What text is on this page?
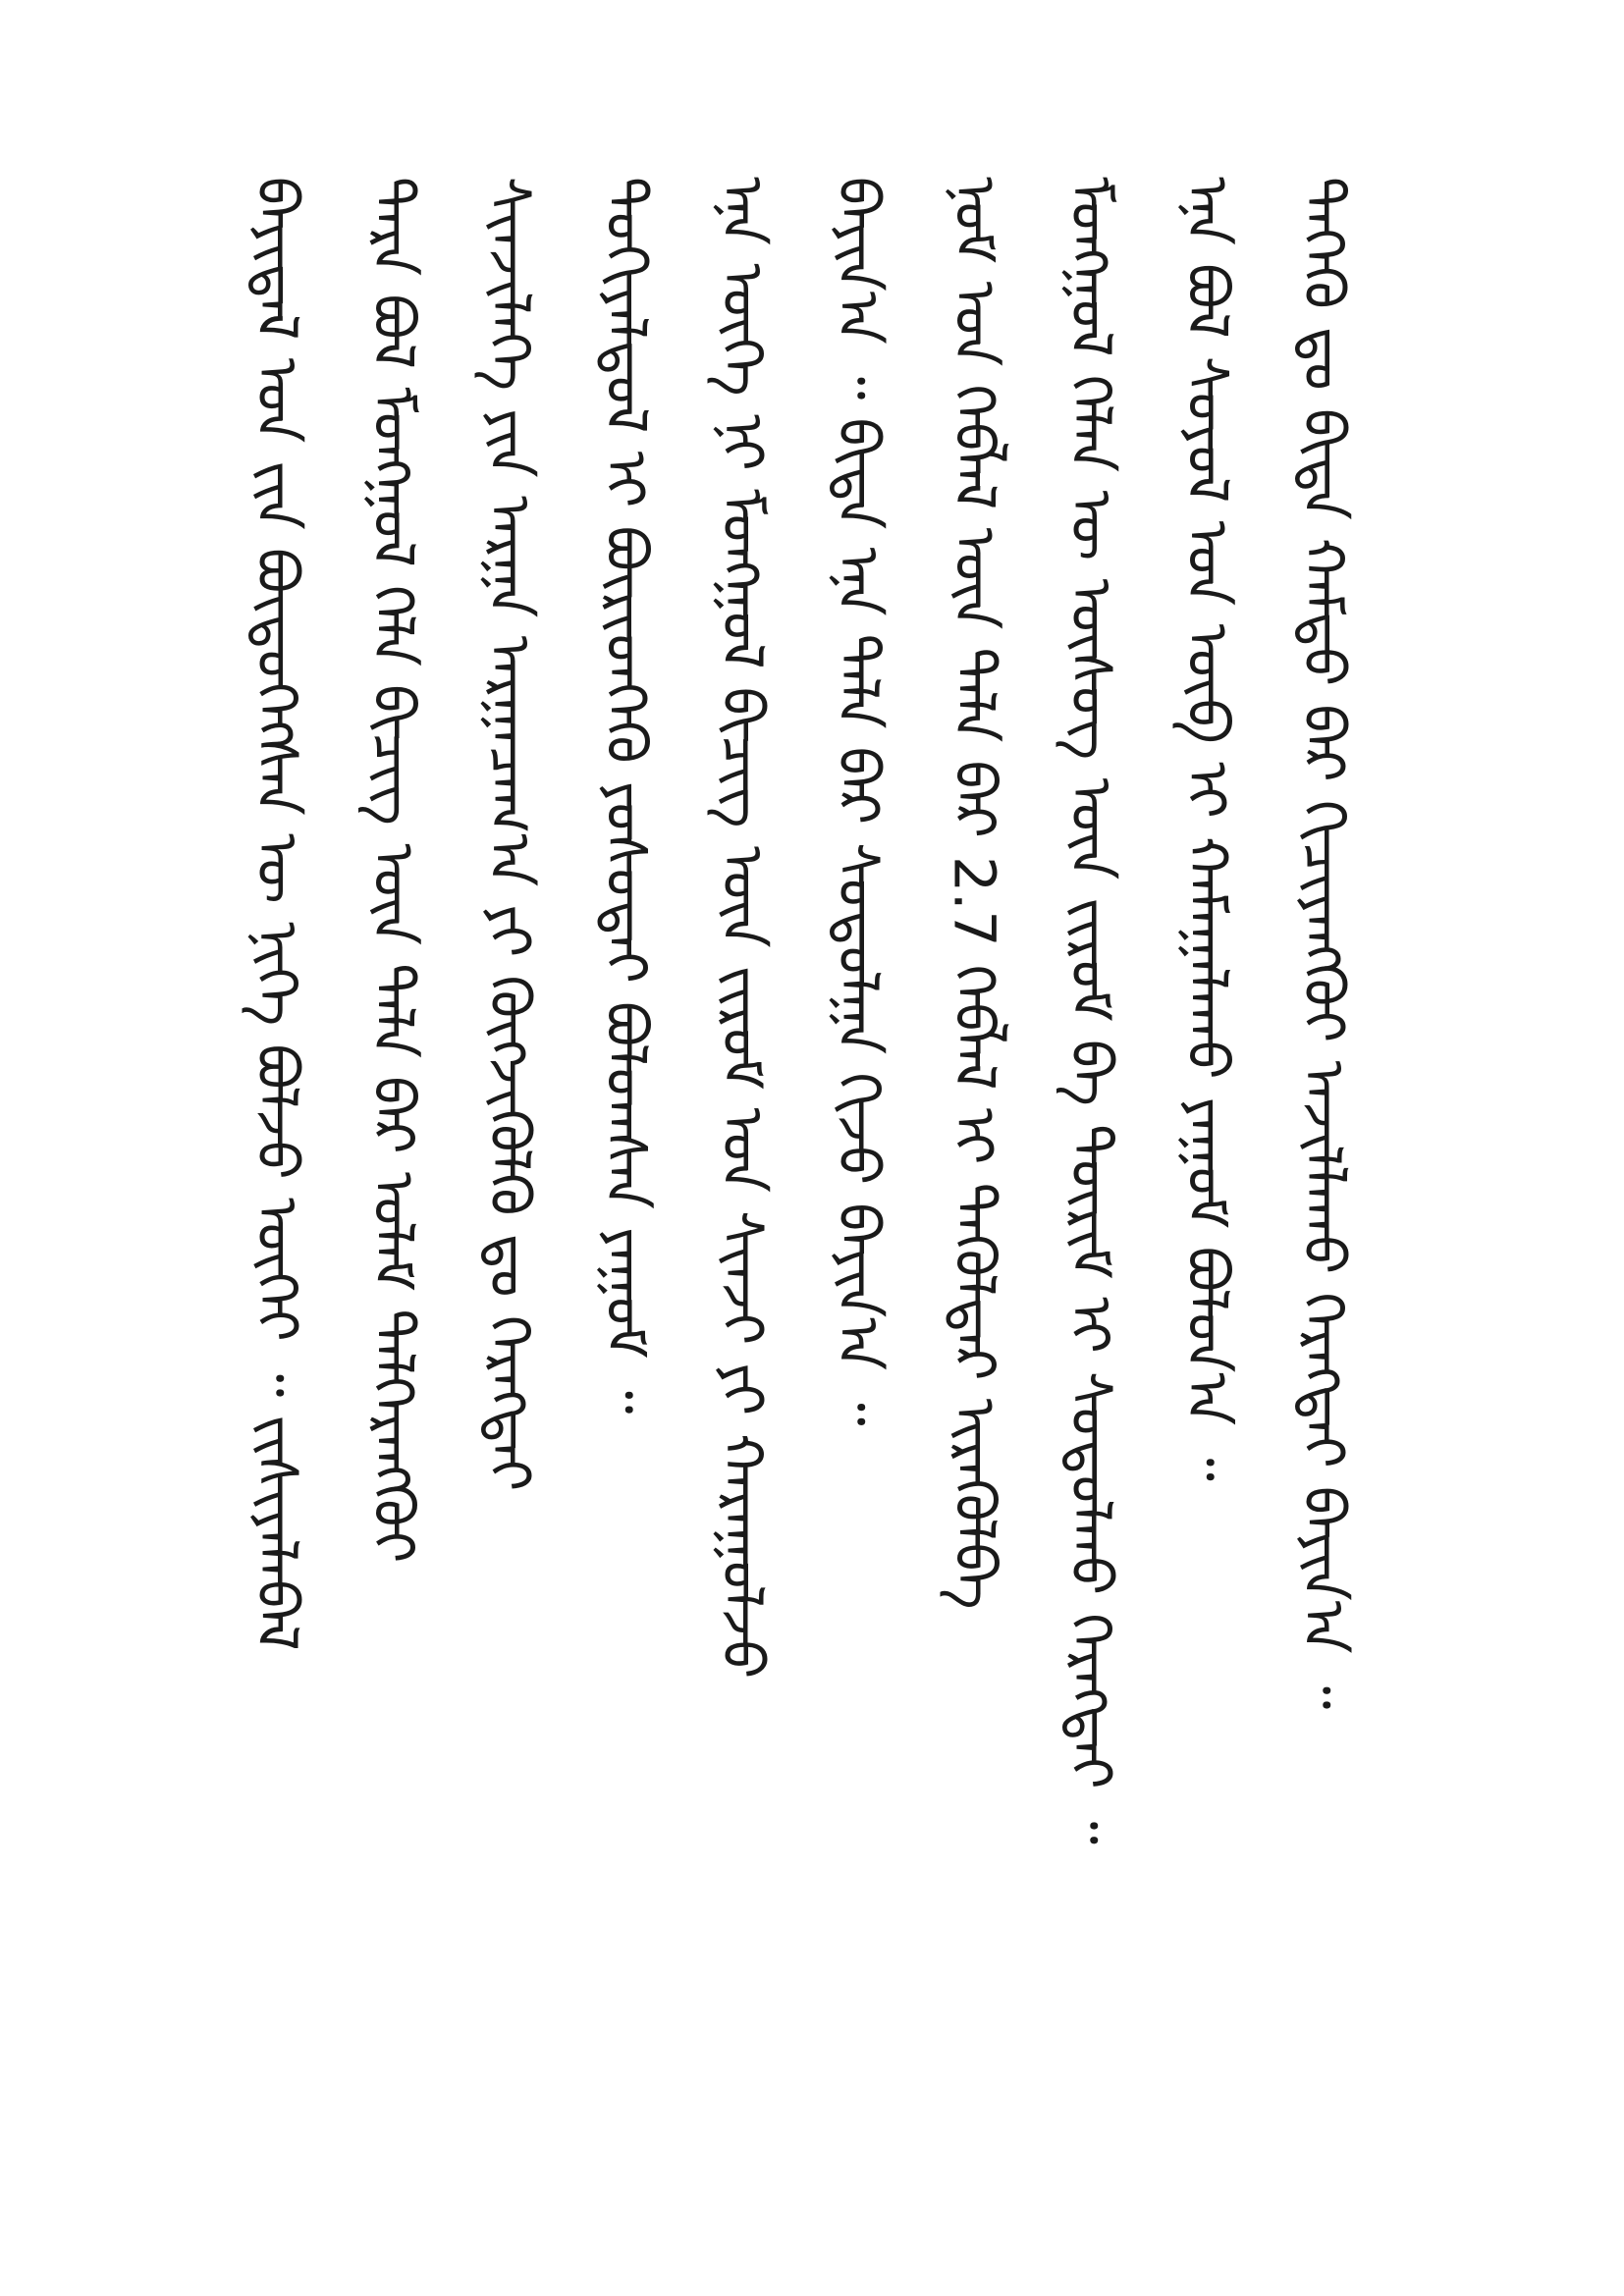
ᠪᠠᠶᠢᠳᠠᠯ ᠤᠨ ᠵᠢᠨ ᠪᠦᠲᠦᠭᠡᠭᠰᠡᠨ ᠦ ᠨᠢᠭᠡ ᠪᠣᠯᠵᠤ ᠦᠭᠡᠢ ᠃ ᠵᠢᠰᠢᠶᠡᠯᠡᠪᠡᠯ ᠲᠡᠷᠡ ᠪᠣᠯ ᠮᠣᠩᠭᠣᠯ ᠬᠡᠯᠡ ᠪᠢᠴᠢᠭ ᠦᠨ ᠲᠠᠯᠠ ᠪᠠᠷ ᠤᠯᠠᠮ ᠳᠡᠯᠭᠡᠷᠡᠩᠭᠦᠢ ᠰᠢᠨᠵᠢᠯᠡᠭᠡ ᠶᠢᠨ ᠠᠷᠭᠠ ᠠᠷᠭᠠᠴᠠᠭ᠎ᠠ ᠶᠢ ᠬᠥᠭᠵᠢᠭᠦᠯᠬᠦ ᠳᠤ ᠬᠡᠷᠡᠭᠲᠡᠢ ᠲᠣᠬᠢᠶᠠᠯᠳᠤᠯ ᠢ ᠪᠦᠷᠢᠳᠭᠡᠬᠦ ᠶᠣᠰᠣᠲᠠᠢ ᠪᠣᠯᠤᠭᠰᠠᠨ ᠶᠠᠭᠤᠮ ᠃ ᠡᠨᠡ ᠦᠭᠡ ᠨᠢ ᠮᠣᠩᠭᠣᠯ ᠪᠢᠴᠢᠭ ᠦᠨ ᠵᠢᠷᠤᠮ ᠤᠨ ᠰᠢᠨᠵᠢ ᠶᠢ ᠬᠠᠷᠠᠭᠤᠯᠵᠤ ᠪᠠᠶᠢᠨ᠎ᠠ ᠃ ᠪᠢᠳᠡ ᠡᠨᠡ ᠲᠠᠯᠠ ᠪᠠᠷ ᠰᠤᠳᠤᠯᠭᠠ ᠬᠢᠵᠦ ᠪᠠᠶᠢᠨ᠎ᠠ ᠃ ᠨᠣᠮ ᠤᠨ ᠬᠡᠪᠯᠡᠯ ᠦᠨ ᠲᠠᠯᠠ ᠪᠠᠷ 2.7 ᠬᠡᠪᠯᠡᠯ ᠢ ᠲᠡᠭᠦᠯᠳᠡᠷ ᠢᠷᠡᠭᠦᠯᠪᠡ ᠮᠣᠩᠭᠣᠯ ᠬᠡᠯᠡᠨ ᠦ ᠦᠰᠦᠭ ᠦᠨ ᠵᠢᠷᠤᠮ ᠪᠠ ᠳᠦᠷᠢᠮ ᠢ ᠰᠤᠳᠤᠯᠬᠤ ᠬᠡᠷᠡᠭᠲᠡᠢ ᠃ ᠡᠨᠡ ᠪᠣᠯ ᠰᠣᠶᠣᠯ ᠤᠨ ᠥᠪ ᠢ ᠬᠠᠮᠠᠭᠠᠯᠠᠬᠤ ᠶᠠᠭᠤᠮ ᠪᠣᠯᠤᠨ᠎ᠠ ᠃ ᠲᠡᠭᠡᠬᠦ ᠳᠤ ᠪᠢᠳᠡ ᠬᠠᠮᠲᠤ ᠪᠡᠷ ᠬᠢᠴᠢᠶᠡᠩᠭᠦᠢ ᠠᠵᠢᠯᠯᠠᠬᠤ ᠬᠡᠷᠡᠭᠲᠡᠢ ᠪᠠᠶᠢᠨ᠎ᠠ ᠃
